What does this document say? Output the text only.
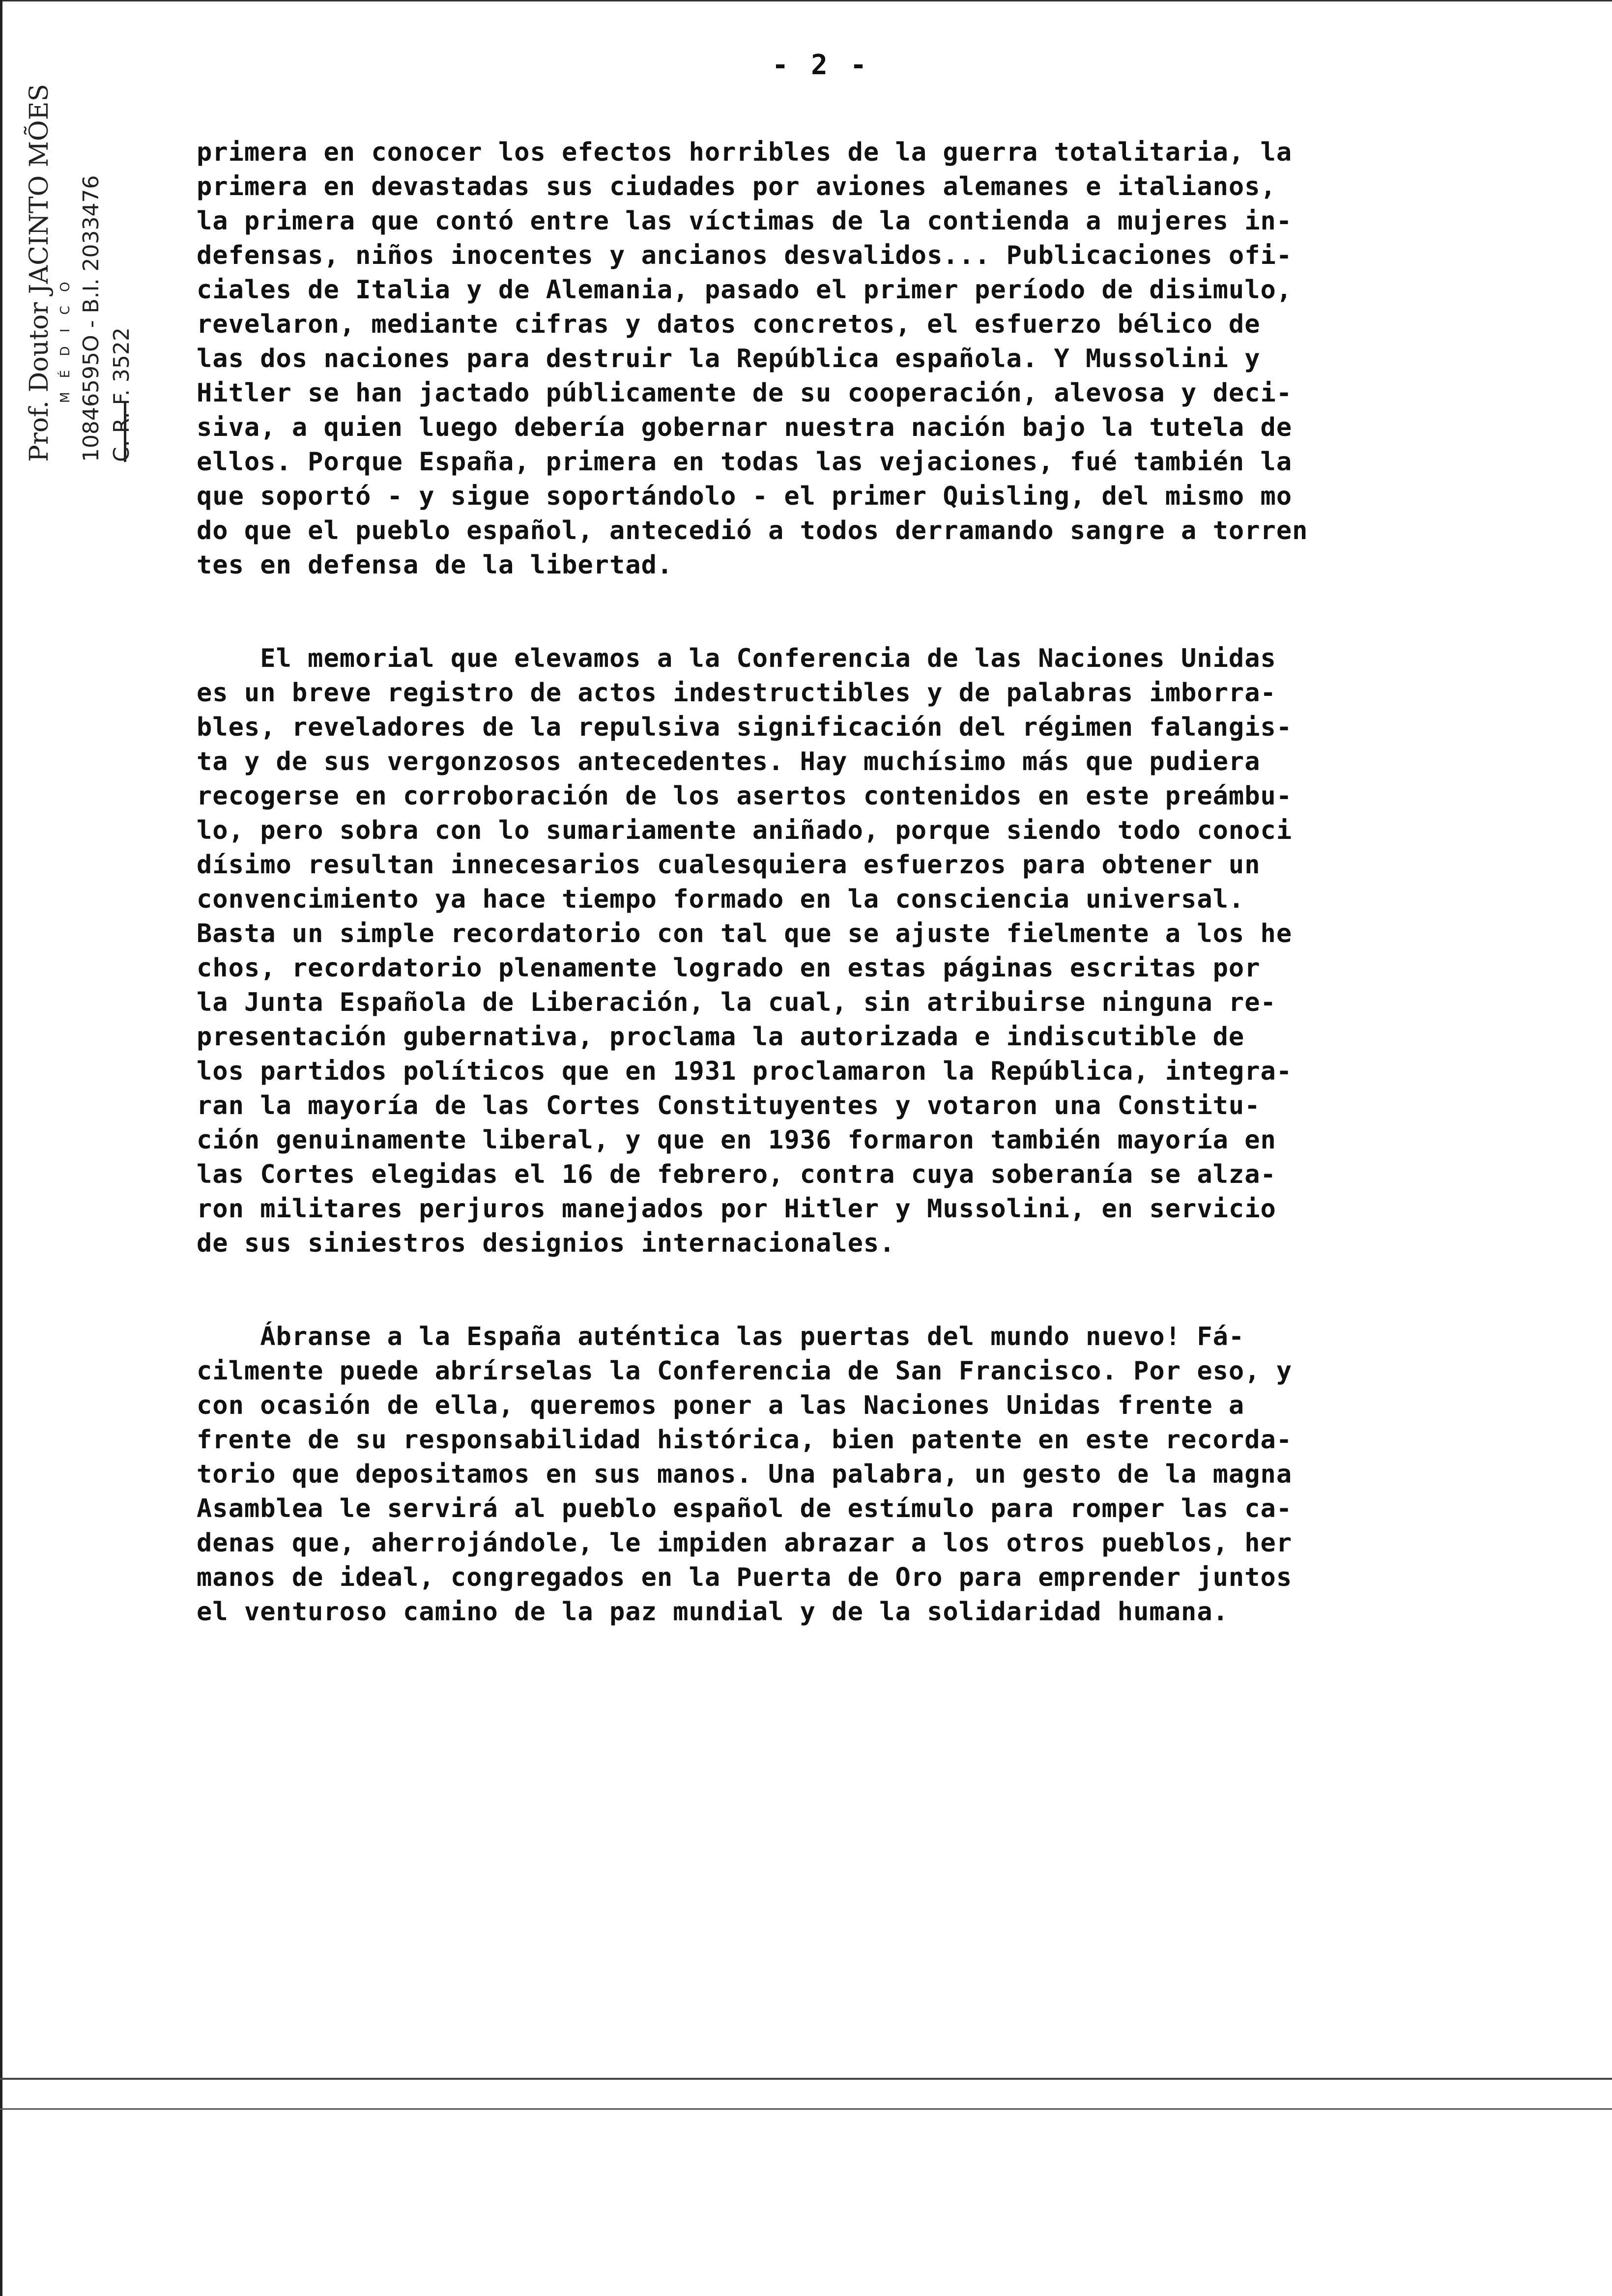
- 2 -
Prof. Doutor JACINTO MÕES M É D I C O 10846595O - B.I. 2033476 C. R. F. 3522
primera en conocer los efectos horribles de la guerra totalitaria, la
primera en devastadas sus ciudades por aviones alemanes e italianos,
la primera que contó entre las víctimas de la contienda a mujeres in-
defensas, niños inocentes y ancianos desvalidos... Publicaciones ofi-
ciales de Italia y de Alemania, pasado el primer período de disimulo,
revelaron, mediante cifras y datos concretos, el esfuerzo bélico de
las dos naciones para destruir la República española. Y Mussolini y
Hitler se han jactado públicamente de su cooperación, alevosa y deci-
siva, a quien luego debería gobernar nuestra nación bajo la tutela de
ellos. Porque España, primera en todas las vejaciones, fué también la
que soportó - y sigue soportándolo - el primer Quisling, del mismo mo
do que el pueblo español, antecedió a todos derramando sangre a torren
tes en defensa de la libertad.
El memorial que elevamos a la Conferencia de las Naciones Unidas
es un breve registro de actos indestructibles y de palabras imborra-
bles, reveladores de la repulsiva significación del régimen falangis-
ta y de sus vergonzosos antecedentes. Hay muchísimo más que pudiera
recogerse en corroboración de los asertos contenidos en este preámbu-
lo, pero sobra con lo sumariamente aniñado, porque siendo todo conoci
dísimo resultan innecesarios cualesquiera esfuerzos para obtener un
convencimiento ya hace tiempo formado en la consciencia universal.
Basta un simple recordatorio con tal que se ajuste fielmente a los he
chos, recordatorio plenamente logrado en estas páginas escritas por
la Junta Española de Liberación, la cual, sin atribuirse ninguna re-
presentación gubernativa, proclama la autorizada e indiscutible de
los partidos políticos que en 1931 proclamaron la República, integra-
ran la mayoría de las Cortes Constituyentes y votaron una Constitu-
ción genuinamente liberal, y que en 1936 formaron también mayoría en
las Cortes elegidas el 16 de febrero, contra cuya soberanía se alza-
ron militares perjuros manejados por Hitler y Mussolini, en servicio
de sus siniestros designios internacionales.
Ábranse a la España auténtica las puertas del mundo nuevo! Fá-
cilmente puede abrírselas la Conferencia de San Francisco. Por eso, y
con ocasión de ella, queremos poner a las Naciones Unidas frente a
frente de su responsabilidad histórica, bien patente en este recorda-
torio que depositamos en sus manos. Una palabra, un gesto de la magna
Asamblea le servirá al pueblo español de estímulo para romper las ca-
denas que, aherrojándole, le impiden abrazar a los otros pueblos, her
manos de ideal, congregados en la Puerta de Oro para emprender juntos
el venturoso camino de la paz mundial y de la solidaridad humana.
